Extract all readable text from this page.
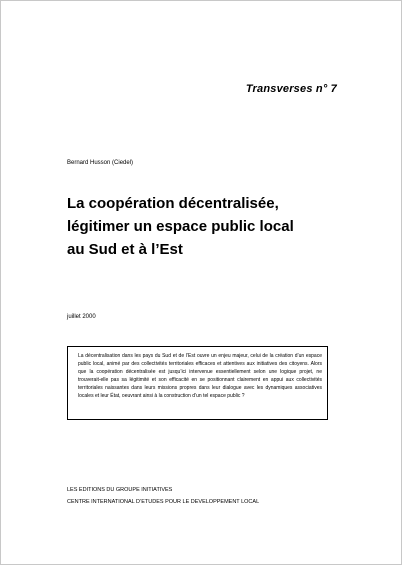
Transverses n° 7
Bernard Husson (Ciedel)
La coopération décentralisée,
légitimer un espace public local
au Sud et à l’Est
juillet 2000
La décentralisation dans les pays du Sud et de l’Est ouvre un enjeu majeur, celui de la création d’un espace public local, animé par des collectivités territoriales efficaces et attentives aux initiatives des citoyens. Alors que la coopération décentralisée est jusqu’ici intervenue essentiellement selon une logique projet, ne trouverait-elle pas sa légitimité et son efficacité en se positionnant clairement en appui aux collectivités territoriales naissantes dans leurs missions propres dans leur dialogue avec les dynamiques associatives locales et leur État, oeuvrant ainsi à la construction d’un tel espace public ?
LES EDITIONS DU GROUPE INITIATIVES
CENTRE INTERNATIONAL D’ETUDES POUR LE DEVELOPPEMENT LOCAL
